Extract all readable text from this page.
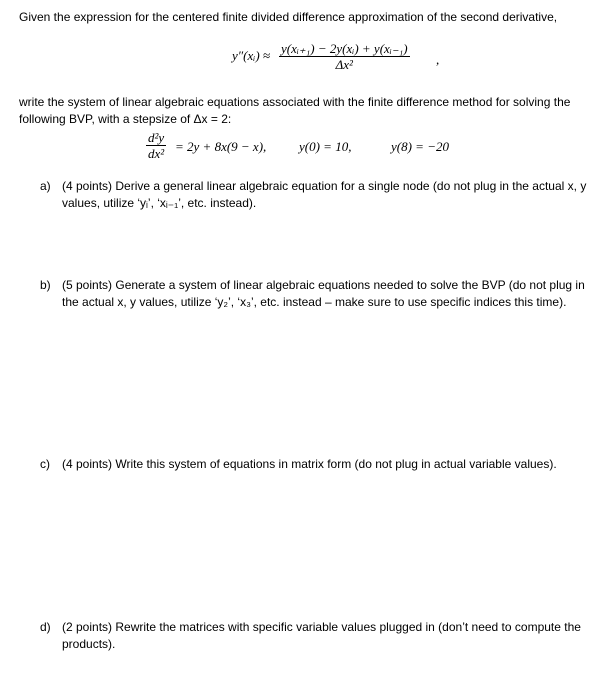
Given the expression for the centered finite divided difference approximation of the second derivative,
y″(xᵢ) ≈ $\frac{\text{y(xᵢ₊₁) − 2y(xᵢ) + y(xᵢ₋₁)}}{\text{Δx²}}$ ,
write the system of linear algebraic equations associated with the finite difference method for solving the
following BVP, with a stepsize of Δx = 2:
$\frac{\text{d²y}}{\text{dx²}} = 2y + 8x(9 - x)$,	y(0) = 10,	y(8) = −20
a) (4 points) Derive a general linear algebraic equation for a single node (do not plug in the actual x, y
values, utilize ‘yᵢ’, ‘xᵢ₋₁’, etc. instead).
b) (5 points) Generate a system of linear algebraic equations needed to solve the BVP (do not plug in
the actual x, y values, utilize ‘y₂’, ‘x₃’, etc. instead – make sure to use specific indices this time).
c) (4 points) Write this system of equations in matrix form (do not plug in actual variable values).
d) (2 points) Rewrite the matrices with specific variable values plugged in (don’t need to compute the
products).
